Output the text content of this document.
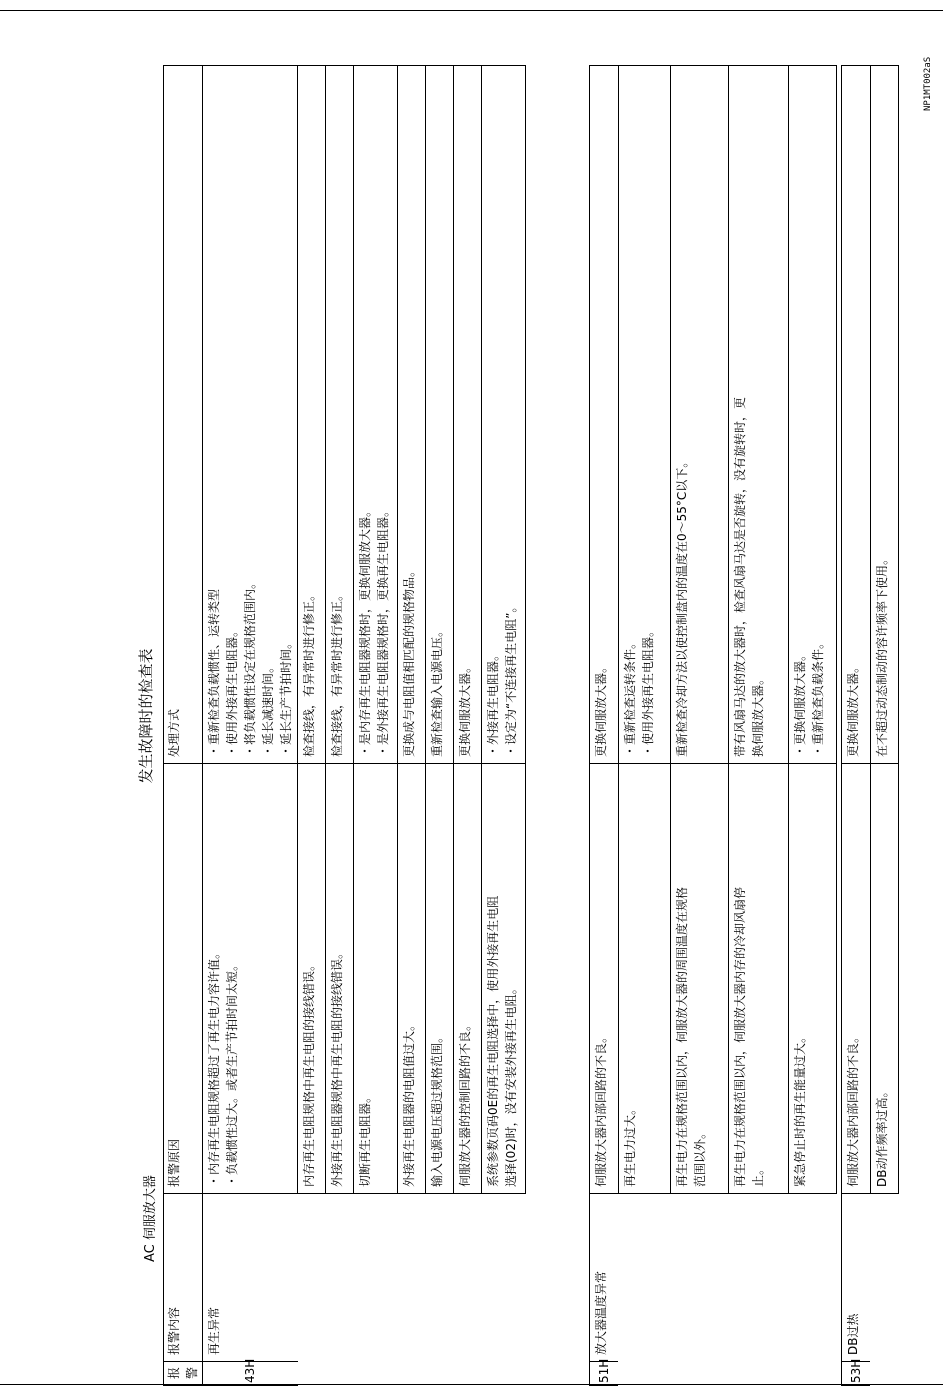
发生故障时的检查表
AC 伺服放大器
NP1MT002aS
报警	报警内容	报警原因	处理方式
43H	再生异常	・内存再生电阻规格超过了再生电力容许值。 ・负载惯性过大。或者生产节拍时间太短。	・重新检查负载惯性、运转类型 ・使用外接再生电阻器。 ・将负载惯性设定在规格范围内。 ・延长减速时间。 ・延长生产节拍时间。

		内存再生电阻规格中再生电阻的接线错误。	检查接线，有异常时进行修正。

		外接再生电阻器规格中再生电阻的接线错误。	检查接线，有异常时进行修正。

		切断再生电阻器。	・是内存再生电阻器规格时，更换伺服放大器。 ・是外接再生电阻器规格时，更换再生电阻器。

		外接再生电阻器的电阻值过大。	更换成与电阻值相匹配的规格物品。

		输入电源电压超过规格范围。	重新检查输入电源电压。

		伺服放大器的控制回路的不良。	更换伺服放大器。

		系统参数页码0E的再生电阻选择中，使用外接再生电阻 选择(02)时，没有安装外接再生电阻。	・外接再生电阻器。 ・设定为“不连接再生电阻”。
51H	放大器温度异常	伺服放大器内部回路的不良。	更换伺服放大器。

		再生电力过大。	・重新检查运转条件。 ・使用外接再生电阻器。

		再生电力在规格范围以内，伺服放大器的周围温度在规格 范围以外。	重新检查冷却方法以使控制盘内的温度在0～55°C以下。

		再生电力在规格范围以内，伺服放大器内存的冷却风扇停 止。	带有风扇马达的放大器时，检查风扇马达是否旋转，没有旋转时，更 换伺服放大器。

		紧急停止时的再生能量过大。	・更换伺服放大器。 ・重新检查负载条件。
53H	DB过热	伺服放大器内部回路的不良。	更换伺服放大器。

		DB动作频率过高。	在不超过动态制动的容许频率下使用。
